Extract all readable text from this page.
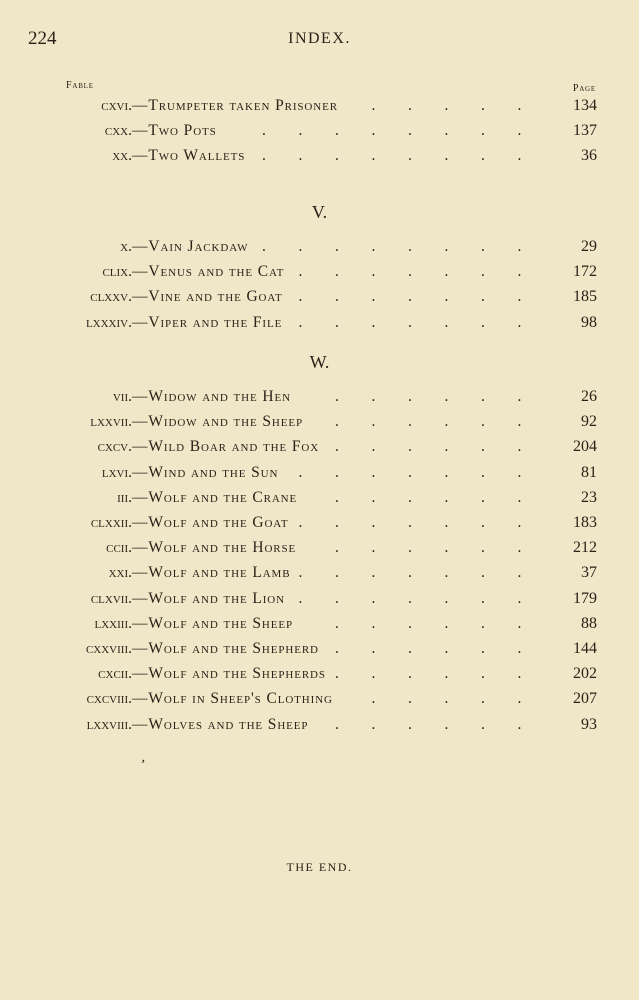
224	INDEX.
Fable	Page
cxvi. —Trumpeter taken Prisoner . . . . .	134
cxx. —Two Pots	. . . . . . . .	137
xx. —Two Wallets . . . . . . . .	36
V.
x. —Vain Jackdaw . . . . . . . .	29
clix. —Venus and the Cat . . . . . . .	172
clxxv. —Vine and the Goat . . . . . . .	185
lxxxiv. —Viper and the File . . . . . . .	98
W.
vii. —Widow and the Hen	. . . . . .	26
lxxvii. —Widow and the Sheep . . . . . .	92
cxcv. —Wild Boar and the Fox . . . . . .	204
lxvi. —Wind and the Sun . . . . . . .	81
iii. —Wolf and the Crane . . . . . .	23
clxxii. —Wolf and the Goat . . . . . . .	183
ccii. —Wolf and the Horse	. . . . . .	212
xxi. —Wolf and the Lamb . . . . . . .	37
clxvii. —Wolf and the Lion . . . . . . .	179
lxxiii. —Wolf and the Sheep	. . . . . .	88
cxxviii. —Wolf and the Shepherd . . . . . .	144
cxcii. —Wolf and the Shepherds . . . . . .	202
cxcviii. —Wolf in Sheep's Clothing . . . . .	207
lxxviii. —Wolves and the Sheep . . . . . .	93
ʼ
THE END.
